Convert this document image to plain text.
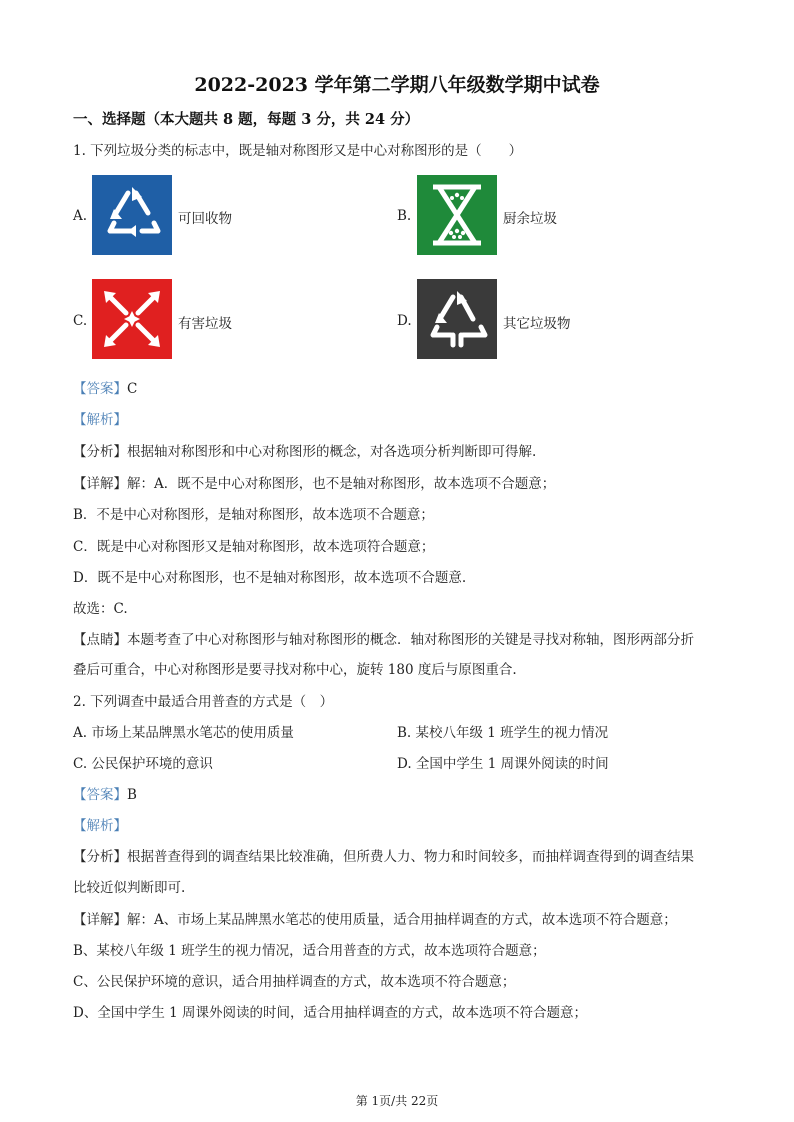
2022-2023 学年第二学期八年级数学期中试卷
一、选择题（本大题共 8 题，每题 3 分，共 24 分）
1. 下列垃圾分类的标志中，既是轴对称图形又是中心对称图形的是（　　）
A.	可回收物	B.	厨余垃圾
C.	有害垃圾	D.	其它垃圾物
【答案】C
【解析】
【分析】根据轴对称图形和中心对称图形的概念，对各选项分析判断即可得解.
【详解】解：A．既不是中心对称图形，也不是轴对称图形，故本选项不合题意；
B．不是中心对称图形，是轴对称图形，故本选项不合题意；
C．既是中心对称图形又是轴对称图形，故本选项符合题意；
D．既不是中心对称图形，也不是轴对称图形，故本选项不合题意.
故选：C.
【点睛】本题考查了中心对称图形与轴对称图形的概念．轴对称图形的关键是寻找对称轴，图形两部分折
叠后可重合，中心对称图形是要寻找对称中心，旋转 180 度后与原图重合.
2. 下列调查中最适合用普查的方式是（　）
A. 市场上某品牌黑水笔芯的使用质量	B. 某校八年级 1 班学生的视力情况
C. 公民保护环境的意识	D. 全国中学生 1 周课外阅读的时间
【答案】B
【解析】
【分析】根据普查得到的调查结果比较准确，但所费人力、物力和时间较多，而抽样调查得到的调查结果
比较近似判断即可.
【详解】解：A、市场上某品牌黑水笔芯的使用质量，适合用抽样调查的方式，故本选项不符合题意；
B、某校八年级 1 班学生的视力情况，适合用普查的方式，故本选项符合题意；
C、公民保护环境的意识，适合用抽样调查的方式，故本选项不符合题意；
D、全国中学生 1 周课外阅读的时间，适合用抽样调查的方式，故本选项不符合题意；
第 1页/共 22页
